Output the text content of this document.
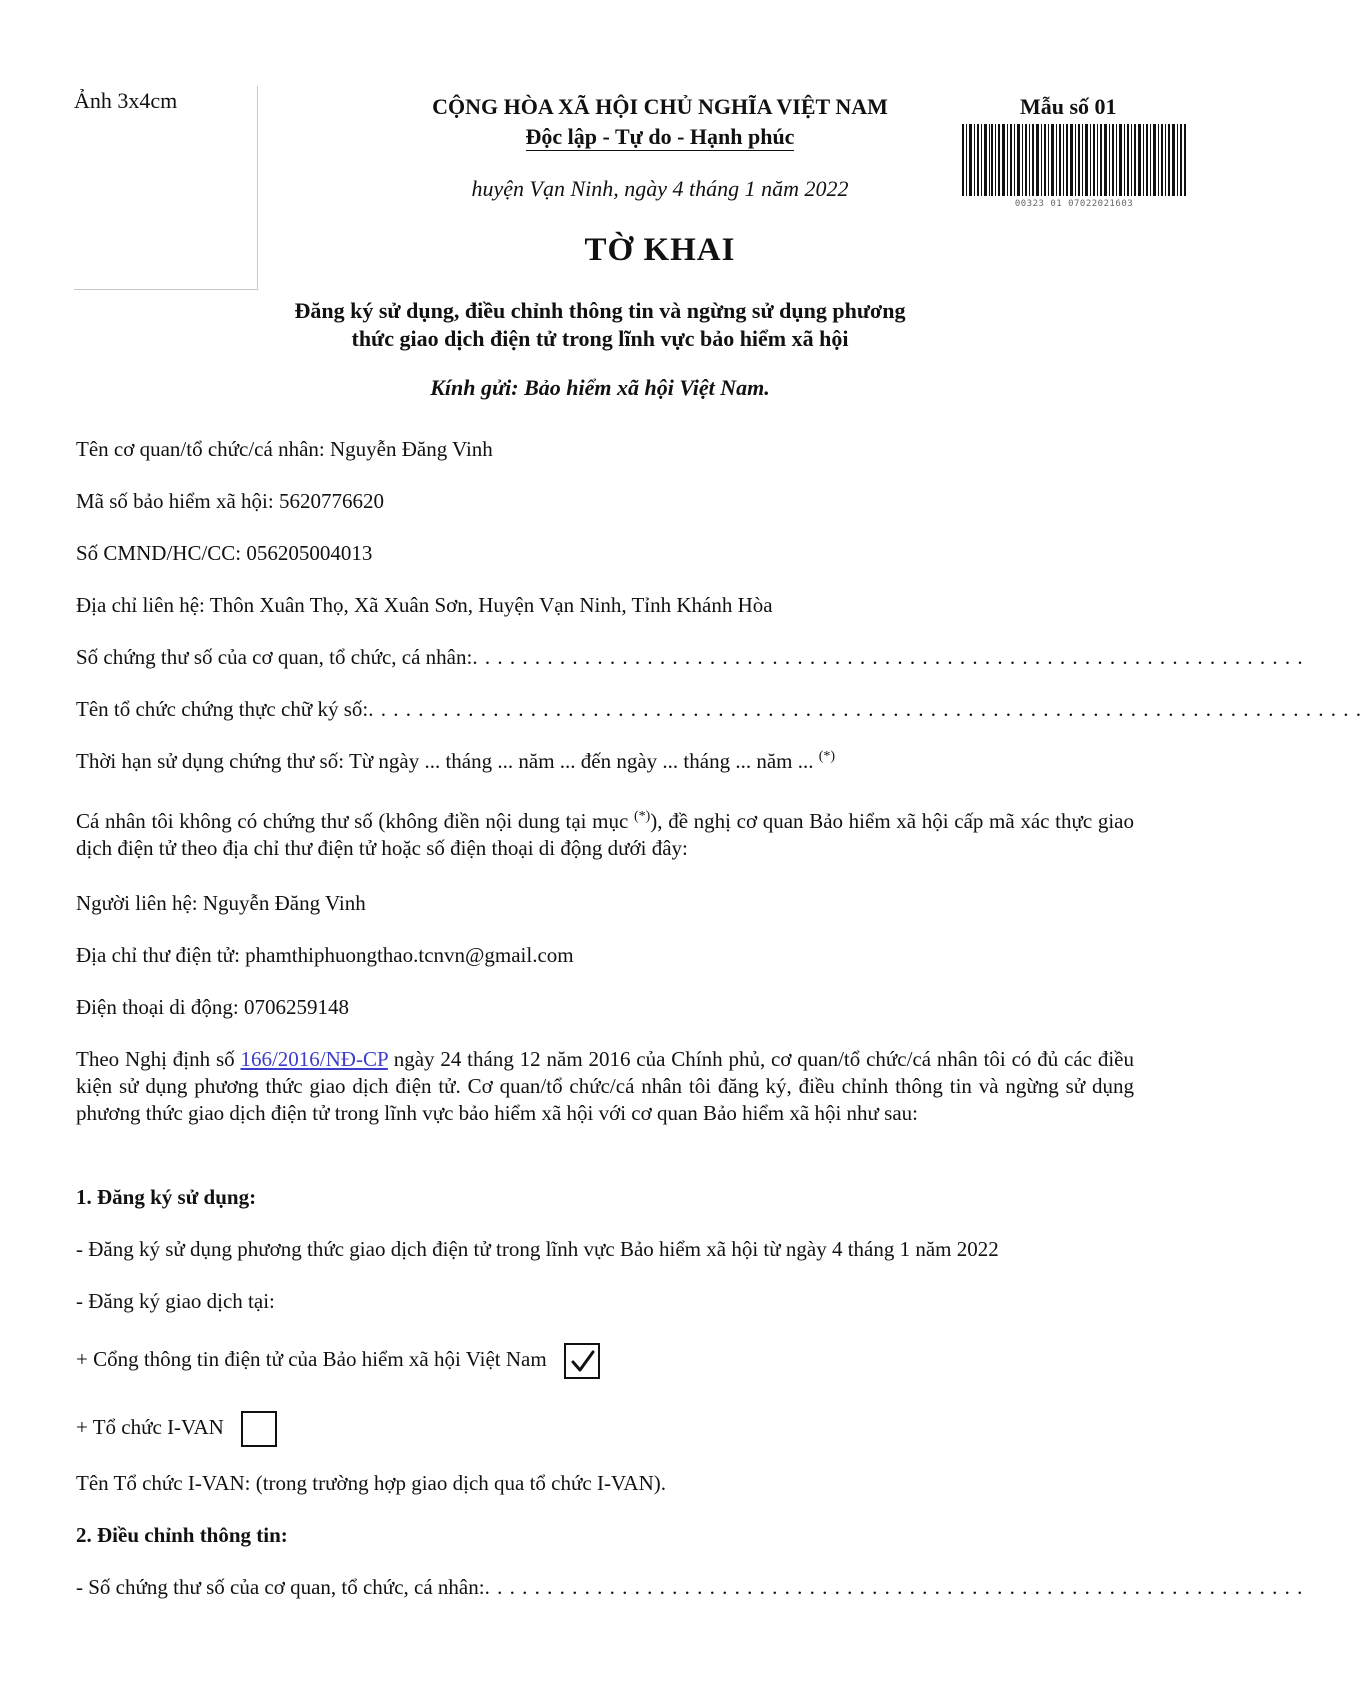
Ảnh 3x4cm	CỘNG HÒA XÃ HỘI CHỦ NGHĨA VIỆT NAM
Độc lập - Tự do - Hạnh phúc
huyện Vạn Ninh, ngày 4 tháng 1 năm 2022
TỜ KHAI
Mẫu số 01
00323 01 07022021603
Đăng ký sử dụng, điều chỉnh thông tin và ngừng sử dụng phương
thức giao dịch điện tử trong lĩnh vực bảo hiểm xã hội
Kính gửi: Bảo hiểm xã hội Việt Nam.
Tên cơ quan/tổ chức/cá nhân: Nguyễn Đăng Vinh
Mã số bảo hiểm xã hội: 5620776620
Số CMND/HC/CC: 056205004013
Địa chỉ liên hệ: Thôn Xuân Thọ, Xã Xuân Sơn, Huyện Vạn Ninh, Tỉnh Khánh Hòa
Số chứng thư số của cơ quan, tổ chức, cá nhân:. . . . . . . . . . . . . . . . . . . . . . . . . . . . . . . . . . . . . . . . . . . . . . . . . . . . . . . . . . . . . . . . . . .
Tên tổ chức chứng thực chữ ký số:. . . . . . . . . . . . . . . . . . . . . . . . . . . . . . . . . . . . . . . . . . . . . . . . . . . . . . . . . . . . . . . . . . . . . . . . . . . . . . . .
Thời hạn sử dụng chứng thư số: Từ ngày ... tháng ... năm ... đến ngày ... tháng ... năm ... (*)
Cá nhân tôi không có chứng thư số (không điền nội dung tại mục (*)), đề nghị cơ quan Bảo hiểm xã hội cấp mã xác thực giao dịch điện tử theo địa chỉ thư điện tử hoặc số điện thoại di động dưới đây:
Người liên hệ: Nguyễn Đăng Vinh
Địa chỉ thư điện tử: phamthiphuongthao.tcnvn@gmail.com
Điện thoại di động: 0706259148
Theo Nghị định số 166/2016/NĐ-CP ngày 24 tháng 12 năm 2016 của Chính phủ, cơ quan/tổ chức/cá nhân tôi có đủ các điều kiện sử dụng phương thức giao dịch điện tử. Cơ quan/tổ chức/cá nhân tôi đăng ký, điều chỉnh thông tin và ngừng sử dụng phương thức giao dịch điện tử trong lĩnh vực bảo hiểm xã hội với cơ quan Bảo hiểm xã hội như sau:
1. Đăng ký sử dụng:
- Đăng ký sử dụng phương thức giao dịch điện tử trong lĩnh vực Bảo hiểm xã hội từ ngày 4 tháng 1 năm 2022
- Đăng ký giao dịch tại:
+ Cổng thông tin điện tử của Bảo hiểm xã hội Việt Nam
+ Tổ chức I-VAN
Tên Tổ chức I-VAN: (trong trường hợp giao dịch qua tổ chức I-VAN).
2. Điều chỉnh thông tin:
- Số chứng thư số của cơ quan, tổ chức, cá nhân:. . . . . . . . . . . . . . . . . . . . . . . . . . . . . . . . . . . . . . . . . . . . . . . . . . . . . . . . . . . . . . . . . .
